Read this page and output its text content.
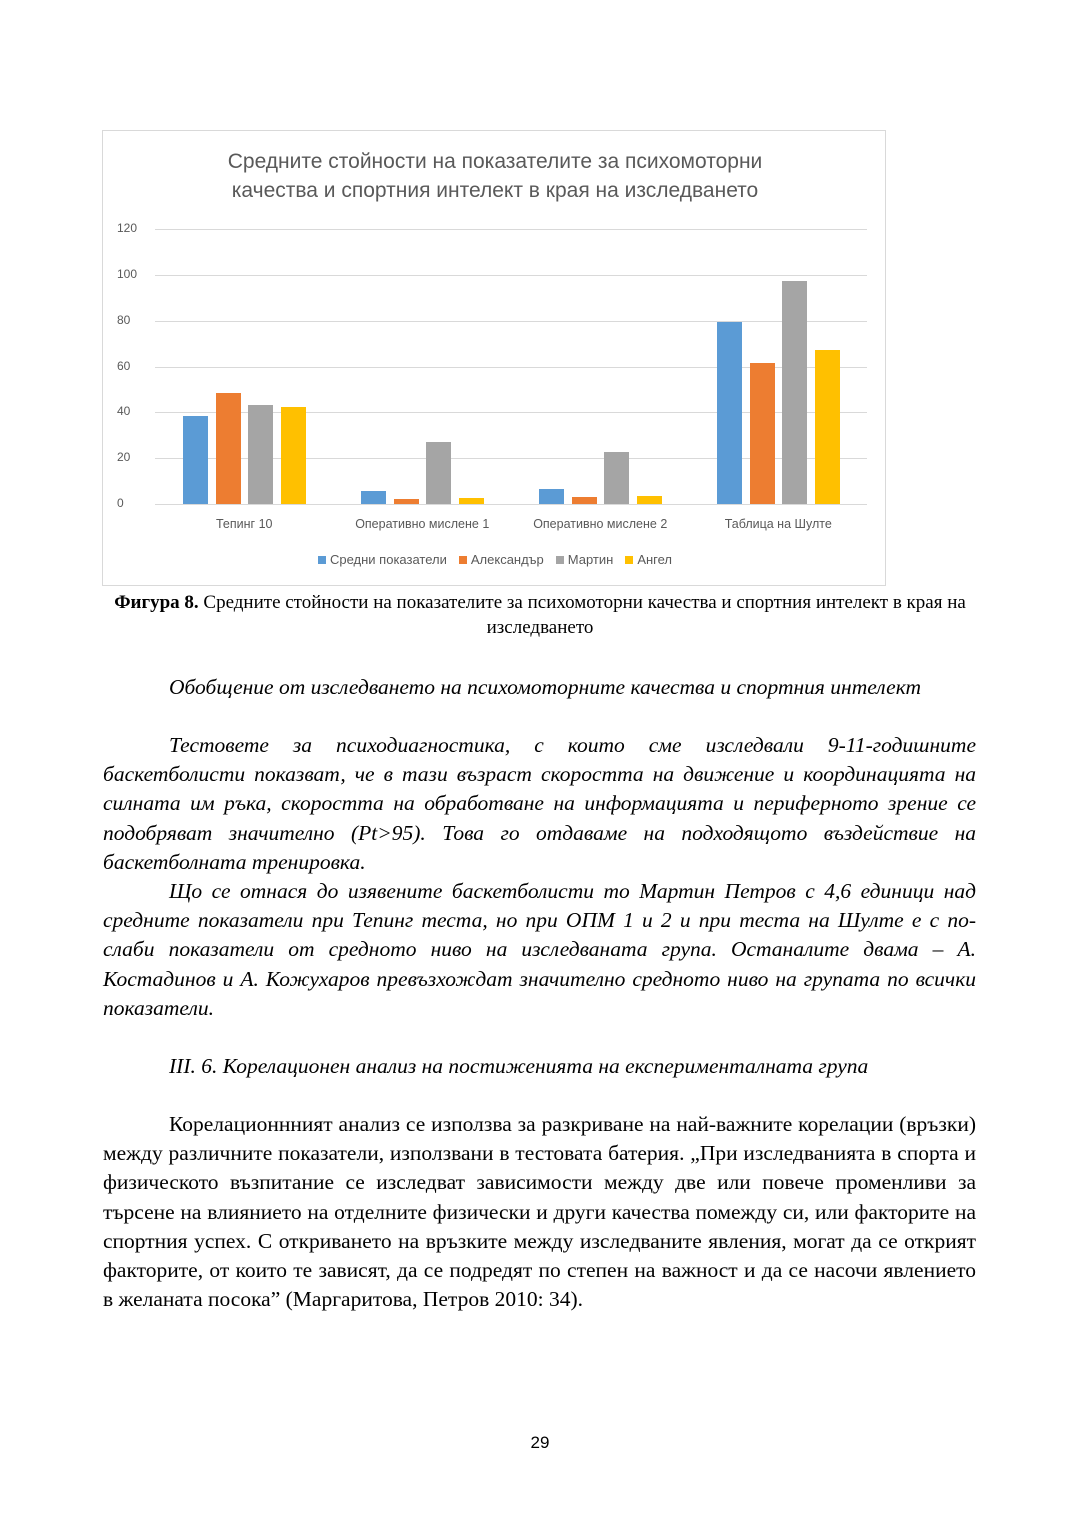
Средните стойности на показателите за психомоторни
качества и спортния интелект в края на изследването
0
20
40
60
80
100
120
Тепинг 10	Оперативно мислене 1	Оперативно мислене 2	Таблица на Шулте
Средни показатели Александър Мартин Ангел
Фигура 8. Средните стойности на показателите за психомоторни качества и спортния интелект в края на изследването

Обобщение от изследването на психомоторните качества и спортния интелект

Тестовете за психодиагностика, с които сме изследвали 9-11-годишните баскетболисти показват, че в тази възраст скоростта на движение и координацията на силната им ръка, скоростта на обработване на информацията и периферното зрение се подобряват значително (Pt>95). Това го отдаваме на подходящото въздействие на баскетболната тренировка.

Що се отнася до изявените баскетболисти то Мартин Петров с 4,6 единици над средните показатели при Тепинг теста, но при ОПМ 1 и 2 и при теста на Шулте е с по-слаби показатели от средното ниво на изследваната група. Останалите двама – А. Костадинов и А. Кожухаров превъзхождат значително средното ниво на групата по всички показатели.

III. 6. Корелационен анализ на постиженията на експерименталната група

Корелационнният анализ се използва за разкриване на най-важните корелации (връзки) между различните показатели, използвани в тестовата батерия. „При изследванията в спорта и физическото възпитание се изследват зависимости между две или повече променливи за търсене на влиянието на отделните физически и други качества помежду си, или факторите на спортния успех. С откриването на връзките между изследваните явления, могат да се открият факторите, от които те зависят, да се подредят по степен на важност и да се насочи явлението в желаната посока” (Маргаритова, Петров 2010: 34).

29
